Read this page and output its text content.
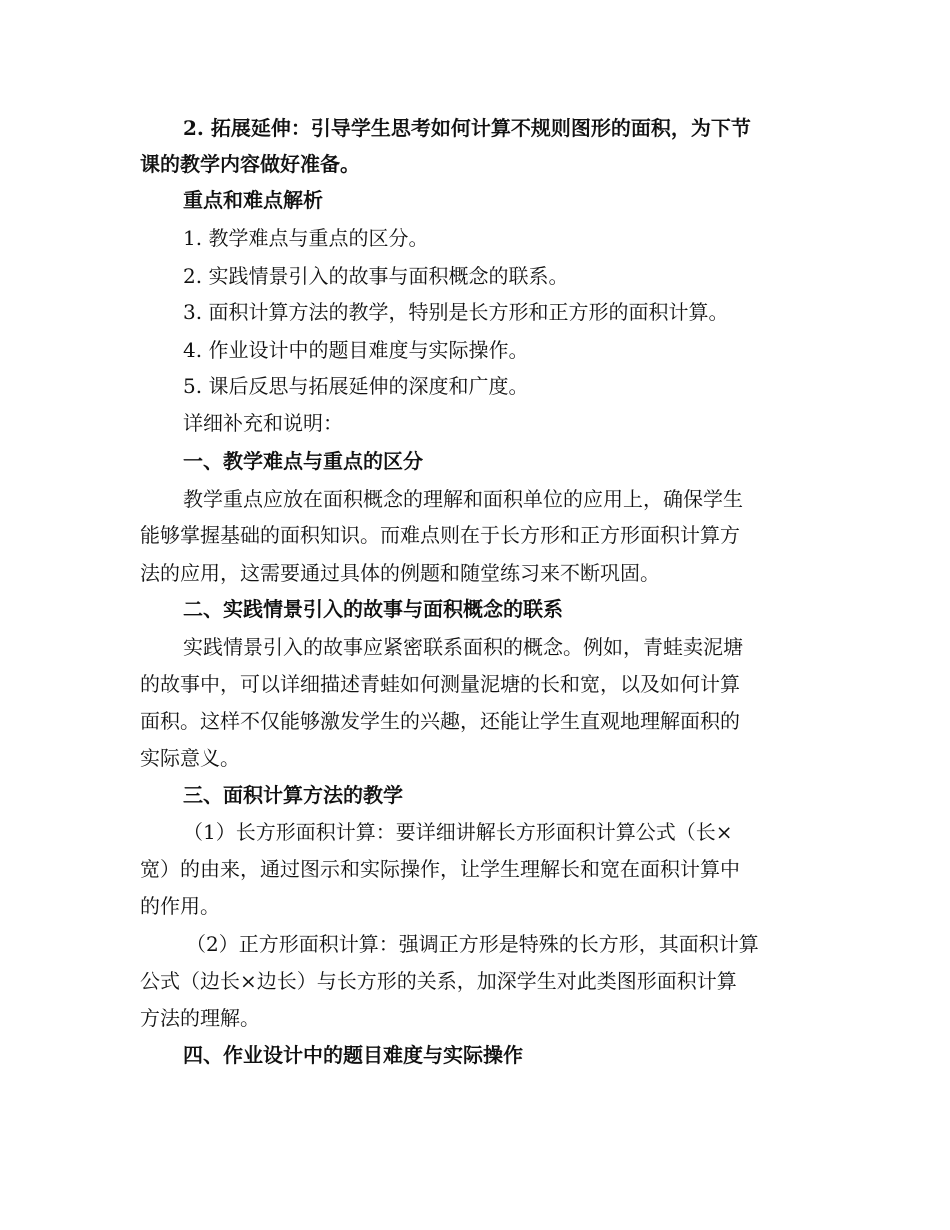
2. 拓展延伸：引导学生思考如何计算不规则图形的面积，为下节
课的教学内容做好准备。
重点和难点解析
1. 教学难点与重点的区分。
2. 实践情景引入的故事与面积概念的联系。
3. 面积计算方法的教学，特别是长方形和正方形的面积计算。
4. 作业设计中的题目难度与实际操作。
5. 课后反思与拓展延伸的深度和广度。
详细补充和说明：
一、教学难点与重点的区分
教学重点应放在面积概念的理解和面积单位的应用上，确保学生
能够掌握基础的面积知识。而难点则在于长方形和正方形面积计算方
法的应用，这需要通过具体的例题和随堂练习来不断巩固。
二、实践情景引入的故事与面积概念的联系
实践情景引入的故事应紧密联系面积的概念。例如，青蛙卖泥塘
的故事中，可以详细描述青蛙如何测量泥塘的长和宽，以及如何计算
面积。这样不仅能够激发学生的兴趣，还能让学生直观地理解面积的
实际意义。
三、面积计算方法的教学
（1）长方形面积计算：要详细讲解长方形面积计算公式（长×
宽）的由来，通过图示和实际操作，让学生理解长和宽在面积计算中
的作用。
（2）正方形面积计算：强调正方形是特殊的长方形，其面积计算
公式（边长×边长）与长方形的关系，加深学生对此类图形面积计算
方法的理解。
四、作业设计中的题目难度与实际操作
